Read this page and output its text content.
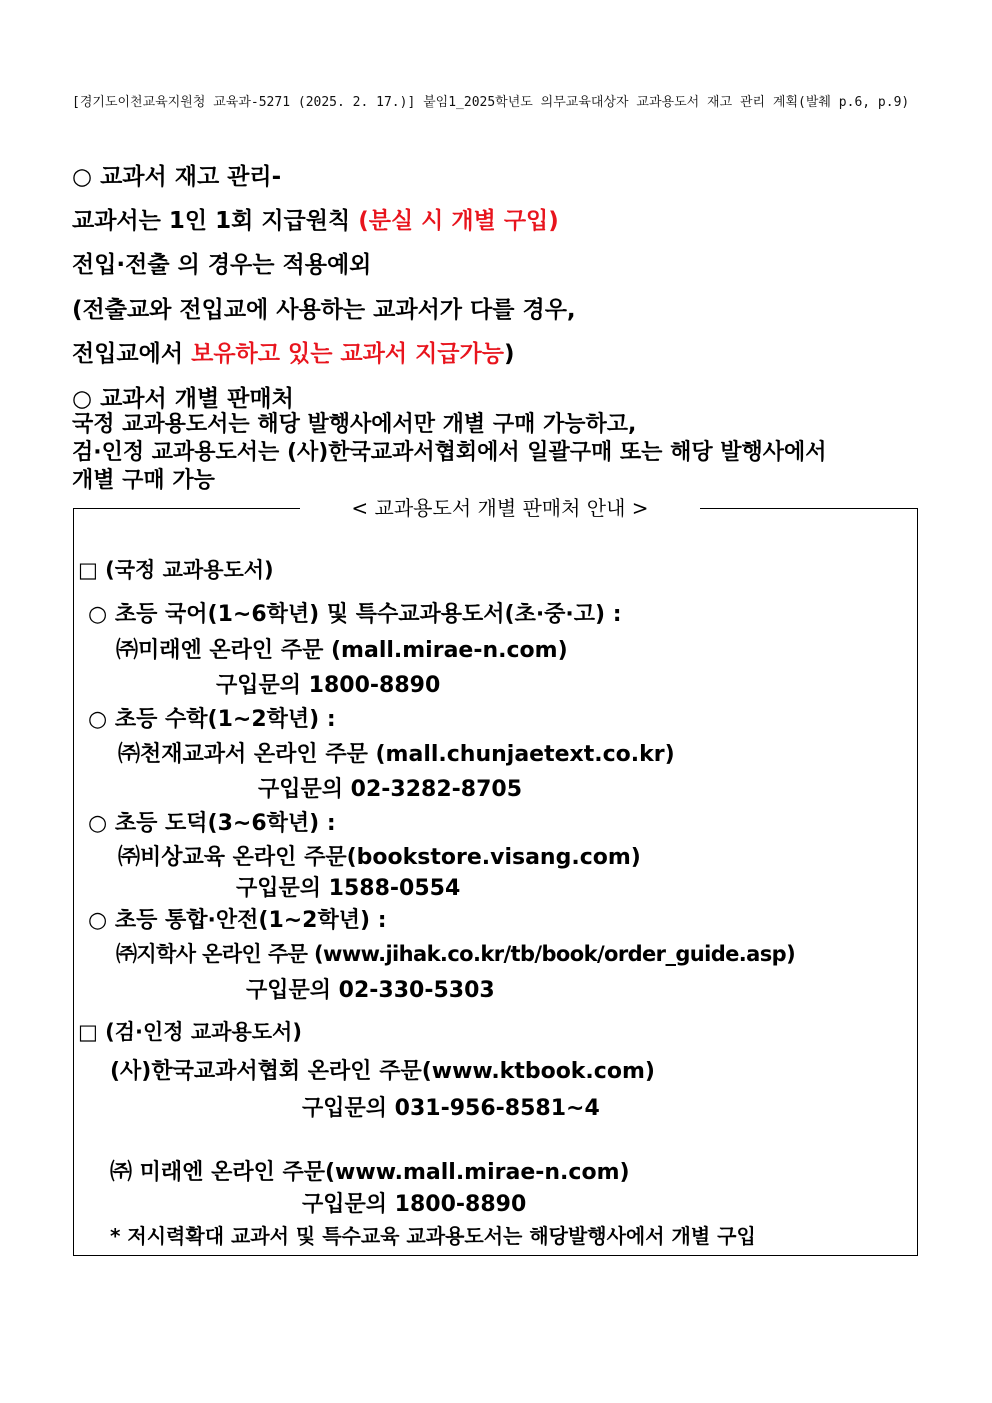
[경기도이천교육지원청 교육과-5271 (2025. 2. 17.)] 붙임1_2025학년도 의무교육대상자 교과용도서 재고 관리 계획(발췌 p.6, p.9)
○ 교과서 재고 관리-
교과서는 1인 1회 지급원칙 (분실 시 개별 구입)
전입·전출 의 경우는 적용예외
(전출교와 전입교에 사용하는 교과서가 다를 경우,
전입교에서 보유하고 있는 교과서 지급가능)
○ 교과서 개별 판매처
국정 교과용도서는 해당 발행사에서만 개별 구매 가능하고,
검·인정 교과용도서는 (사)한국교과서협회에서 일괄구매 또는 해당 발행사에서
개별 구매 가능
< 교과용도서 개별 판매처 안내 >
□ (국정 교과용도서)
○ 초등 국어(1~6학년) 및 특수교과용도서(초·중·고) :
㈜미래엔 온라인 주문 (mall.mirae-n.com)
구입문의 1800-8890
○ 초등 수학(1~2학년) :
㈜천재교과서 온라인 주문 (mall.chunjaetext.co.kr)
구입문의 02-3282-8705
○ 초등 도덕(3~6학년) :
㈜비상교육 온라인 주문(bookstore.visang.com)
구입문의 1588-0554
○ 초등 통합·안전(1~2학년) :
㈜지학사 온라인 주문 (www.jihak.co.kr/tb/book/order_guide.asp)
구입문의 02-330-5303
□ (검·인정 교과용도서)
(사)한국교과서협회 온라인 주문(www.ktbook.com)
구입문의 031-956-8581~4
㈜ 미래엔 온라인 주문(www.mall.mirae-n.com)
구입문의 1800-8890
* 저시력확대 교과서 및 특수교육 교과용도서는 해당발행사에서 개별 구입
